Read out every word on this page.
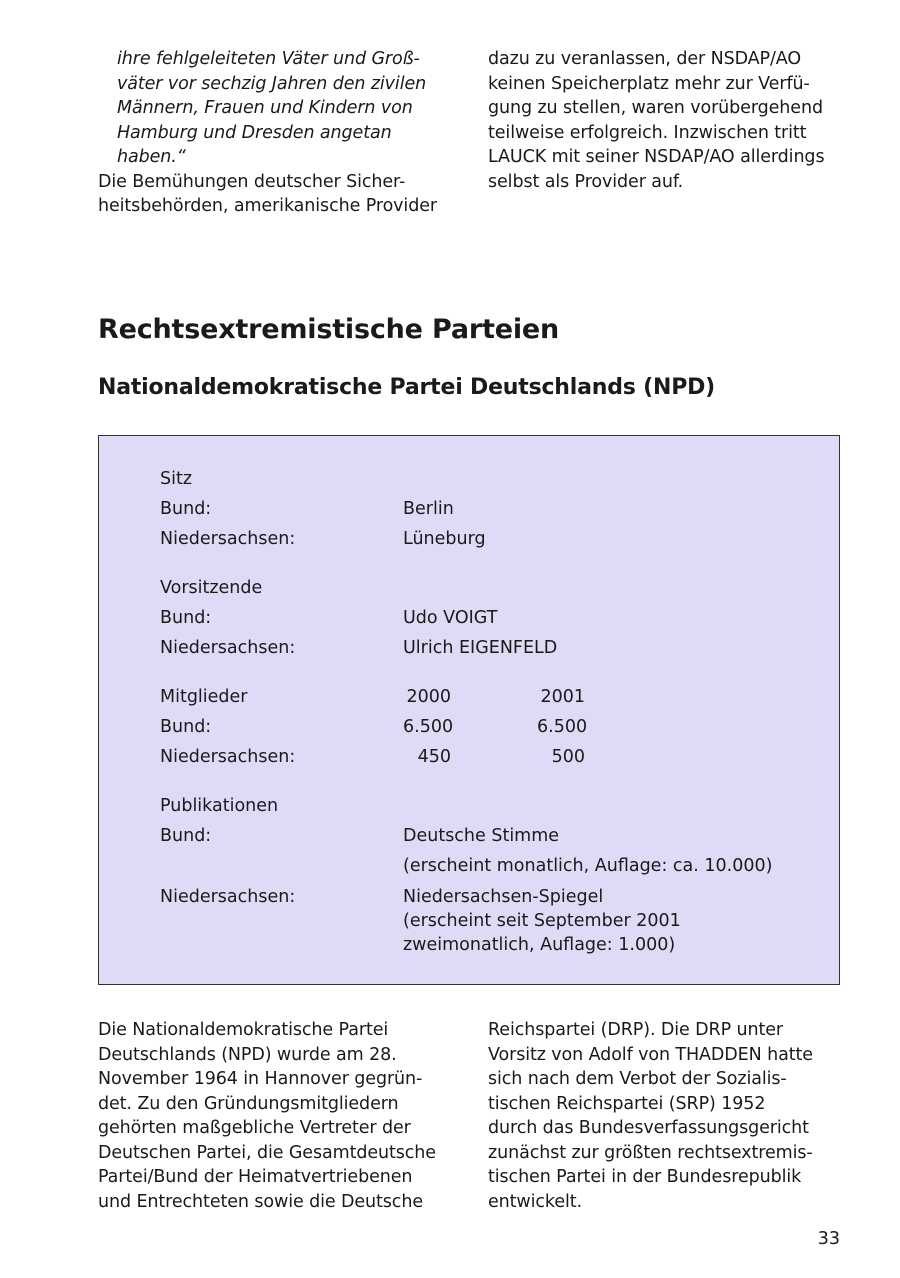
ihre fehlgeleiteten Väter und Groß-
väter vor sechzig Jahren den zivilen
Männern, Frauen und Kindern von
Hamburg und Dresden angetan
haben.“
Die Bemühungen deutscher Sicher-
heitsbehörden, amerikanische Provider
dazu zu veranlassen, der NSDAP/AO
keinen Speicherplatz mehr zur Verfü-
gung zu stellen, waren vorübergehend
teilweise erfolgreich. Inzwischen tritt
LAUCK mit seiner NSDAP/AO allerdings
selbst als Provider auf.
Rechtsextremistische Parteien
Nationaldemokratische Partei Deutschlands (NPD)
Sitz
Bund:	Berlin
Niedersachsen:	Lüneburg
Vorsitzende
Bund:	Udo VOIGT
Niedersachsen:	Ulrich EIGENFELD
Mitglieder	2000	2001
Bund:	6.500	6.500
Niedersachsen:	450	500
Publikationen
Bund:	Deutsche Stimme
(erscheint monatlich, Auflage: ca. 10.000)
Niedersachsen:	Niedersachsen-Spiegel
(erscheint seit September 2001
zweimonatlich, Auflage: 1.000)
Die Nationaldemokratische Partei
Deutschlands (NPD) wurde am 28.
November 1964 in Hannover gegrün-
det. Zu den Gründungsmitgliedern
gehörten maßgebliche Vertreter der
Deutschen Partei, die Gesamtdeutsche
Partei/Bund der Heimatvertriebenen
und Entrechteten sowie die Deutsche
Reichspartei (DRP). Die DRP unter
Vorsitz von Adolf von THADDEN hatte
sich nach dem Verbot der Sozialis-
tischen Reichspartei (SRP) 1952
durch das Bundesverfassungsgericht
zunächst zur größten rechtsextremis-
tischen Partei in der Bundesrepublik
entwickelt.
33
